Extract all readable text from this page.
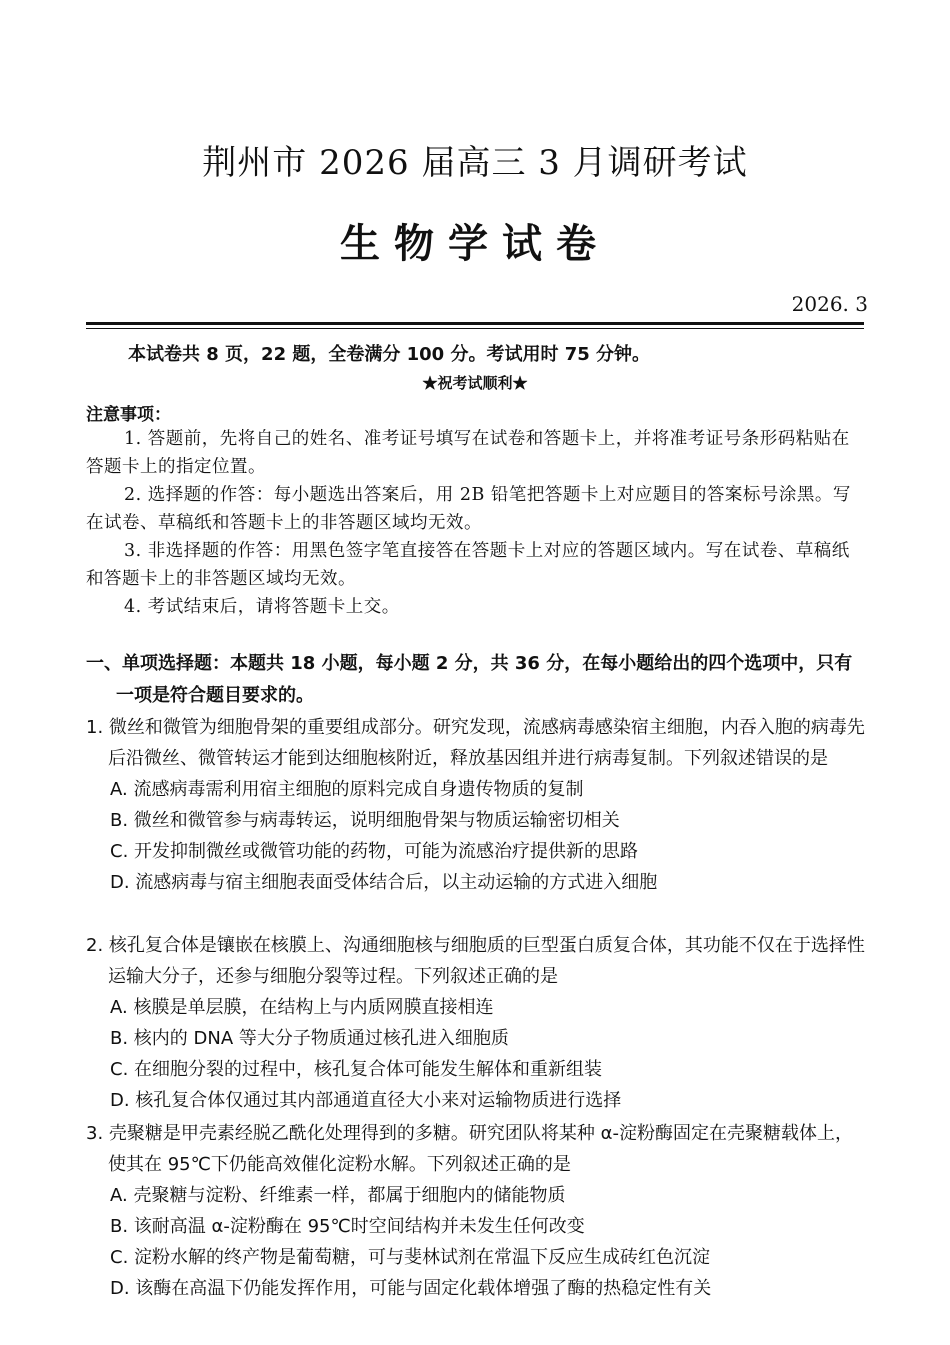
荆州市 2026 届高三 3 月调研考试
生物学试卷
2026. 3
本试卷共 8 页，22 题，全卷满分 100 分。考试用时 75 分钟。
★祝考试顺利★
注意事项：

1. 答题前，先将自己的姓名、准考证号填写在试卷和答题卡上，并将准考证号条形码粘贴在答题卡上的指定位置。

2. 选择题的作答：每小题选出答案后，用 2B 铅笔把答题卡上对应题目的答案标号涂黑。写在试卷、草稿纸和答题卡上的非答题区域均无效。

3. 非选择题的作答：用黑色签字笔直接答在答题卡上对应的答题区域内。写在试卷、草稿纸和答题卡上的非答题区域均无效。

4. 考试结束后，请将答题卡上交。

一、单项选择题：本题共 18 小题，每小题 2 分，共 36 分，在每小题给出的四个选项中，只有
一项是符合题目要求的。
1. 微丝和微管为细胞骨架的重要组成部分。研究发现，流感病毒感染宿主细胞，内吞入胞的病毒先后沿微丝、微管转运才能到达细胞核附近，释放基因组并进行病毒复制。下列叙述错误的是
A. 流感病毒需利用宿主细胞的原料完成自身遗传物质的复制
B. 微丝和微管参与病毒转运，说明细胞骨架与物质运输密切相关
C. 开发抑制微丝或微管功能的药物，可能为流感治疗提供新的思路
D. 流感病毒与宿主细胞表面受体结合后，以主动运输的方式进入细胞
2. 核孔复合体是镶嵌在核膜上、沟通细胞核与细胞质的巨型蛋白质复合体，其功能不仅在于选择性运输大分子，还参与细胞分裂等过程。下列叙述正确的是
A. 核膜是单层膜，在结构上与内质网膜直接相连
B. 核内的 DNA 等大分子物质通过核孔进入细胞质
C. 在细胞分裂的过程中，核孔复合体可能发生解体和重新组装
D. 核孔复合体仅通过其内部通道直径大小来对运输物质进行选择
3. 壳聚糖是甲壳素经脱乙酰化处理得到的多糖。研究团队将某种 α-淀粉酶固定在壳聚糖载体上，使其在 95℃下仍能高效催化淀粉水解。下列叙述正确的是
A. 壳聚糖与淀粉、纤维素一样，都属于细胞内的储能物质
B. 该耐高温 α-淀粉酶在 95℃时空间结构并未发生任何改变
C. 淀粉水解的终产物是葡萄糖，可与斐林试剂在常温下反应生成砖红色沉淀
D. 该酶在高温下仍能发挥作用，可能与固定化载体增强了酶的热稳定性有关
